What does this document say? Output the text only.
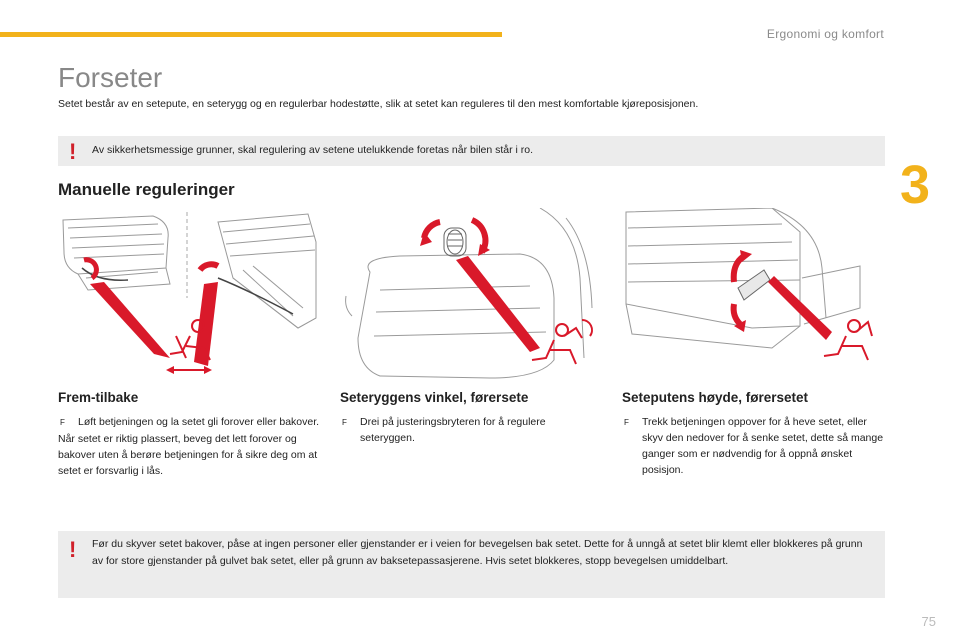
Ergonomi og komfort
3
Forseter

Setet består av en setepute, en seterygg og en regulerbar hodestøtte, slik at setet kan reguleres til den mest komfortable kjøreposisjonen.

! Av sikkerhetsmessige grunner, skal regulering av setene utelukkende foretas når bilen står i ro.
Manuelle reguleringer
Frem-tilbake
F	Løft betjeningen og la setet gli forover eller bakover.

Når setet er riktig plassert, beveg det lett forover og bakover uten å berøre betjeningen for å sikre deg om at setet er forsvarlig i lås.

Seteryggens vinkel, førersete
F	Drei på justeringsbryteren for å regulere seteryggen.
Seteputens høyde, førersetet
F	Trekk betjeningen oppover for å heve setet, eller skyv den nedover for å senke setet, dette så mange ganger som er nødvendig for å oppnå ønsket posisjon.
! Før du skyver setet bakover, påse at ingen personer eller gjenstander er i veien for bevegelsen bak setet. Dette for å unngå at setet blir klemt eller blokkeres på grunn av for store gjenstander på gulvet bak setet, eller på grunn av baksetepassasjerene. Hvis setet blokkeres, stopp bevegelsen umiddelbart.
75
